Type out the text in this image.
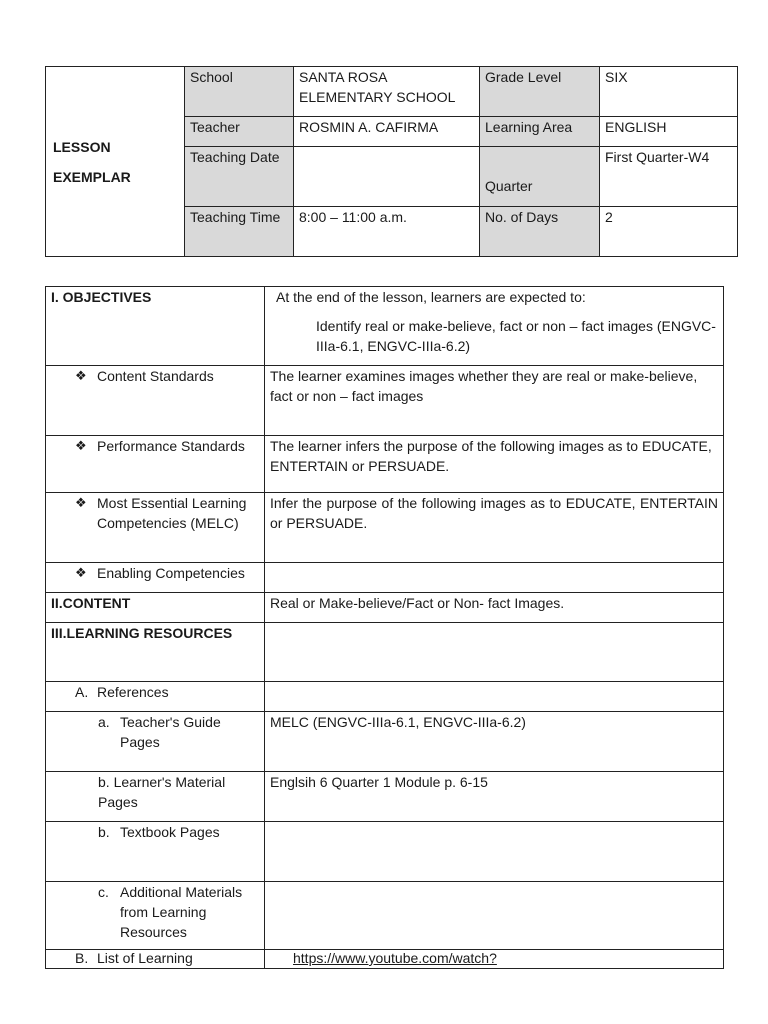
LESSON
EXEMPLAR	School	SANTA ROSA ELEMENTARY SCHOOL	Grade Level	SIX
	Teacher	ROSMIN A. CAFIRMA	Learning Area	ENGLISH
	Teaching Date		Quarter	First Quarter-W4
	Teaching Time	8:00 – 11:00 a.m.	No. of Days	2
I. OBJECTIVES	At the end of the lesson, learners are expected to:
Identify real or make-believe, fact or non – fact images (ENGVC-IIIa-6.1, ENGVC-IIIa-6.2)

❖ Content Standards	The learner examines images whether they are real or make-believe, fact or non – fact images

❖ Performance Standards	The learner infers the purpose of the following images as to EDUCATE, ENTERTAIN or PERSUADE.

❖ Most Essential Learning Competencies (MELC)	Infer the purpose of the following images as to EDUCATE, ENTERTAIN or PERSUADE.

❖ Enabling Competencies	

II.CONTENT	Real or Make-believe/Fact or Non- fact Images.
III.LEARNING RESOURCES	

A. References	

a. Teacher's Guide Pages	MELC (ENGVC-IIIa-6.1, ENGVC-IIIa-6.2)

b. Learner's Material Pages	Englsih 6 Quarter 1 Module p. 6-15

b. Textbook Pages	

c. Additional Materials from Learning Resources	

B. List of Learning	https://www.youtube.com/watch?
